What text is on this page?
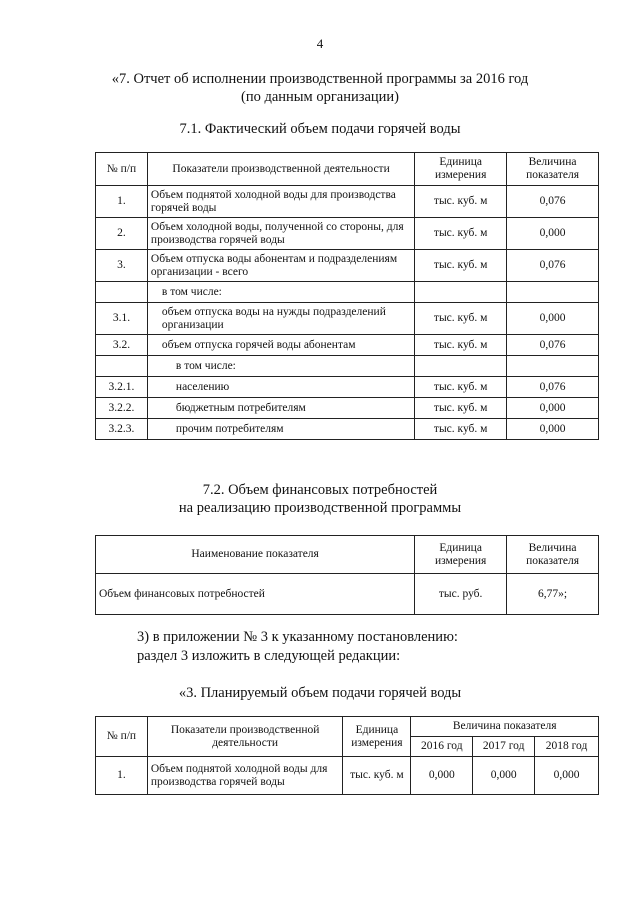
4
«7. Отчет об исполнении производственной программы за 2016 год
(по данным организации)
7.1. Фактический объем подачи горячей воды
№ п/п	Показатели производственной деятельности	Единица измерения	Величина показателя
1.	Объем поднятой холодной воды для производства горячей воды	тыс. куб. м	0,076
2.	Объем холодной воды, полученной со стороны, для производства горячей воды	тыс. куб. м	0,000
3.	Объем отпуска воды абонентам и подразделениям организации - всего	тыс. куб. м	0,076
	в том числе:		
3.1.	объем отпуска воды на нужды подразделений организации	тыс. куб. м	0,000
3.2.	объем отпуска горячей воды абонентам	тыс. куб. м	0,076
	в том числе:		
3.2.1.	населению	тыс. куб. м	0,076
3.2.2.	бюджетным потребителям	тыс. куб. м	0,000
3.2.3.	прочим потребителям	тыс. куб. м	0,000
7.2. Объем финансовых потребностей
на реализацию производственной программы
Наименование показателя	Единица измерения	Величина показателя
Объем финансовых потребностей	тыс. руб.	6,77»;
3) в приложении № 3 к указанному постановлению:
раздел 3 изложить в следующей редакции:
«3. Планируемый объем подачи горячей воды
№ п/п	Показатели производственной деятельности	Единица измерения	Величина показателя		
			2016 год	2017 год	2018 год
1.	Объем поднятой холодной воды для производства горячей воды	тыс. куб. м	0,000	0,000	0,000
